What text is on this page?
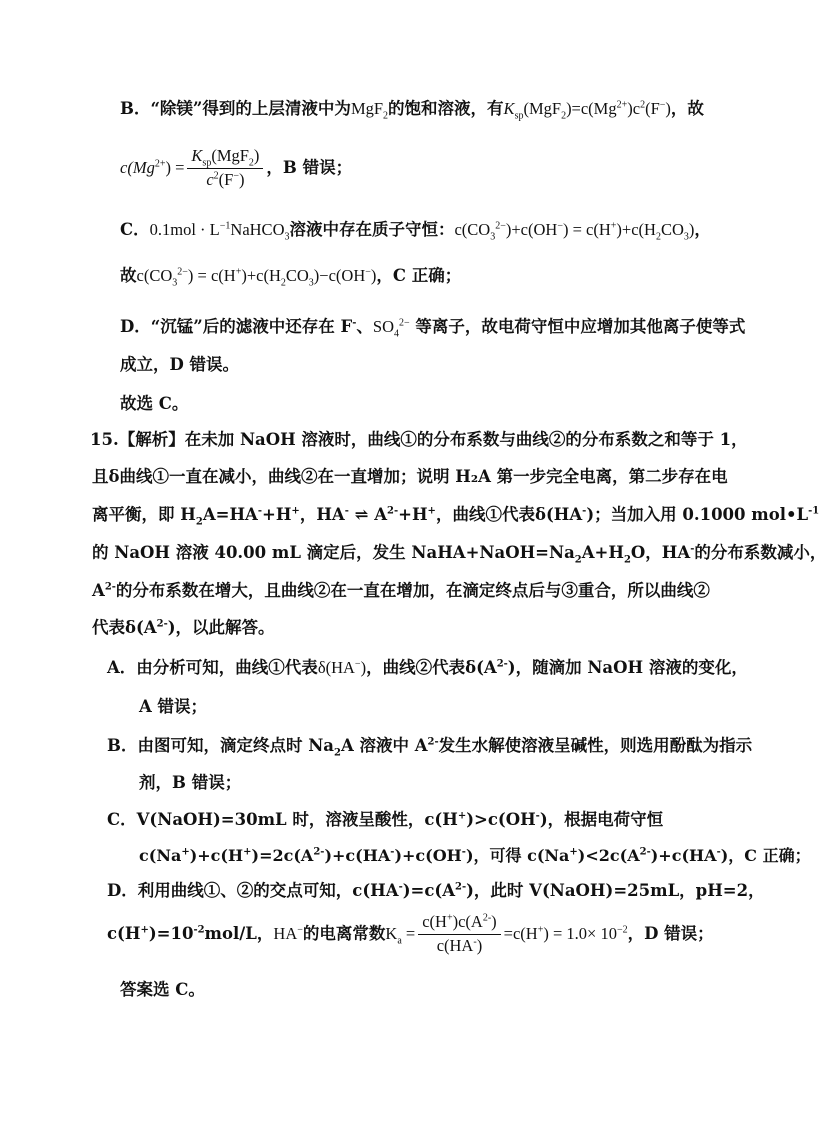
B．“除镁”得到的上层清液中为MgF$_2$的饱和溶液，有$K_{sp}(MgF_2)=c(Mg^{2+})c^2(F^-)$，故
$c(Mg^{2+}) = \frac{K_{sp}(MgF_2)}{c^2(F^-)}$ ，B 错误；
C．$0.1mol \cdot L^{-1}NaHCO_3$溶液中存在质子守恒：$c(CO_3^{2-})+c(OH^-) = c(H^+)+c(H_2CO_3)$，
故$c(CO_3^{2-}) = c(H^+)+c(H_2CO_3)-c(OH^-)$，C 正确；
D．“沉锰”后的滤液中还存在 F-、$SO_4^{2-}$ 等离子，故电荷守恒中应增加其他离子使等式
成立，D 错误。
故选 C。
15.【解析】在未加 NaOH 溶液时，曲线①的分布系数与曲线②的分布系数之和等于 1，
且δ曲线①一直在减小，曲线②在一直增加；说明 H₂A 第一步完全电离，第二步存在电
离平衡，即 $H_2A=HA^-+H^+$，HA- ⇌ $A^{2-}+H^+$，曲线①代表δ(HA-)；当加入用 0.1000 $mol•L^{-1}$
的 NaOH 溶液 40.00 mL 滴定后，发生 $NaHA+NaOH=Na_2A+H_2O$，HA-的分布系数减小，
$A^{2-}$的分布系数在增大，且曲线②在一直在增加，在滴定终点后与③重合，所以曲线②
代表$\delta(A^{2-})$，以此解答。
A．由分析可知，曲线①代表δ(HA−)，曲线②代表$\delta(A^{2-})$，随滴加 NaOH 溶液的变化，
A 错误；
B．由图可知，滴定终点时 $Na_2A$ 溶液中 $A^{2-}$发生水解使溶液呈碱性，则选用酚酞为指示
剂，B 错误；
C．V(NaOH)=30mL 时，溶液呈酸性，c(H+)>c(OH-)，根据电荷守恒
$c(Na^+)+c(H^+)=2c(A^{2-})+c(HA^-)+c(OH^-)$，可得 $c(Na^+)<2c(A^{2-})+c(HA^-)$，C 正确；
D．利用曲线①、②的交点可知，$c(HA^-)=c(A^{2-})$，此时 V(NaOH)=25mL，pH=2，
$c(H^+)=10^{-2}mol/L$，HA−的电离常数$K_a = \frac{c(H^+)c(A^{2-})}{c(HA^-)} =c(H^+) = 1.0\times 10^{-2}$，D 错误；
答案选 C。
